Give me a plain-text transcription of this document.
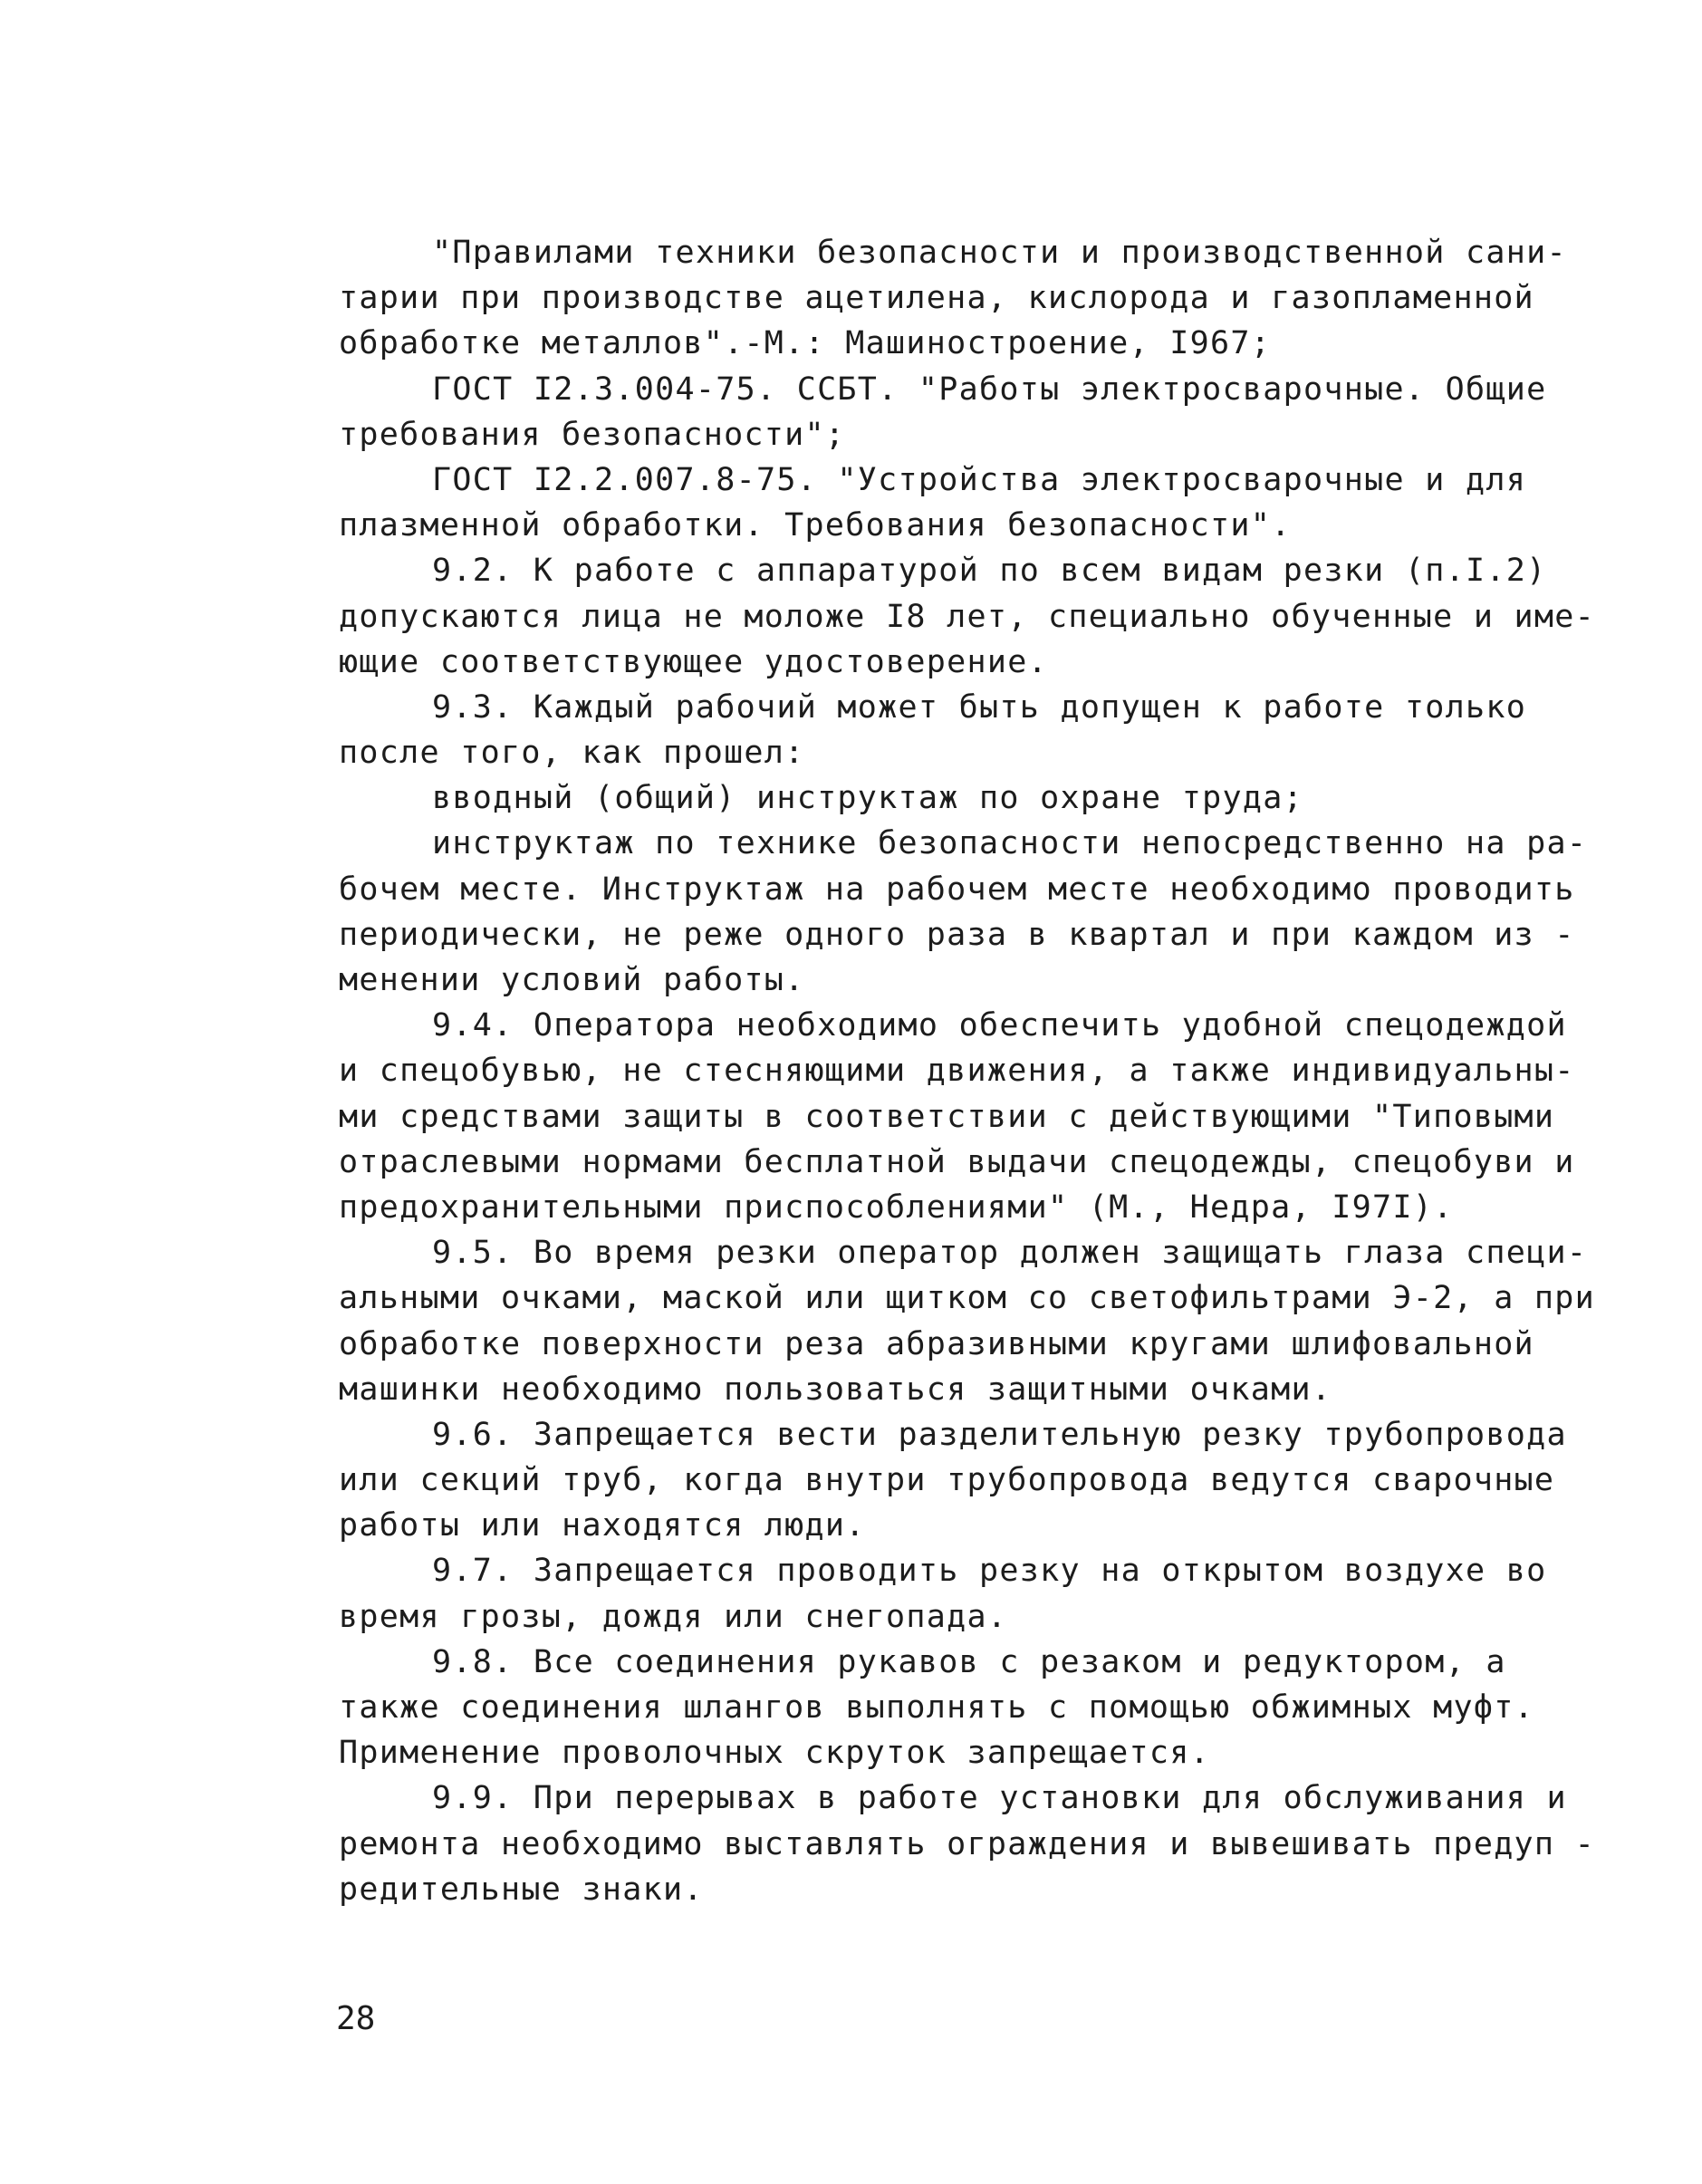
"Правилами техники безопасности и производственной сани-
тарии при производстве ацетилена, кислорода и газопламенной
обработке металлов".-М.: Машиностроение, I967;
ГОСТ I2.3.004-75. ССБТ. "Работы электросварочные. Общие
требования безопасности";
ГОСТ I2.2.007.8-75. "Устройства электросварочные и для
плазменной обработки. Требования безопасности".
9.2. К работе с аппаратурой по всем видам резки (п.I.2)
допускаются лица не моложе I8 лет, специально обученные и име-
ющие соответствующее удостоверение.
9.3. Каждый рабочий может быть допущен к работе только
после того, как прошел:
вводный (общий) инструктаж по охране труда;
инструктаж по технике безопасности непосредственно на ра-
бочем месте. Инструктаж на рабочем месте необходимо проводить
периодически, не реже одного раза в квартал и при каждом из -
менении условий работы.
9.4. Оператора необходимо обеспечить удобной спецодеждой
и спецобувью, не стесняющими движения, а также индивидуальны-
ми средствами защиты в соответствии с действующими "Типовыми
отраслевыми нормами бесплатной выдачи спецодежды, спецобуви и
предохранительными приспособлениями" (М., Недра, I97I).
9.5. Во время резки оператор должен защищать глаза специ-
альными очками, маской или щитком со светофильтрами Э-2, а при
обработке поверхности реза абразивными кругами шлифовальной
машинки необходимо пользоваться защитными очками.
9.6. Запрещается вести разделительную резку трубопровода
или секций труб, когда внутри трубопровода ведутся сварочные
работы или находятся люди.
9.7. Запрещается проводить резку на открытом воздухе во
время грозы, дождя или снегопада.
9.8. Все соединения рукавов с резаком и редуктором, а
также соединения шлангов выполнять с помощью обжимных муфт.
Применение проволочных скруток запрещается.
9.9. При перерывах в работе установки для обслуживания и
ремонта необходимо выставлять ограждения и вывешивать предуп -
редительные знаки.
28
